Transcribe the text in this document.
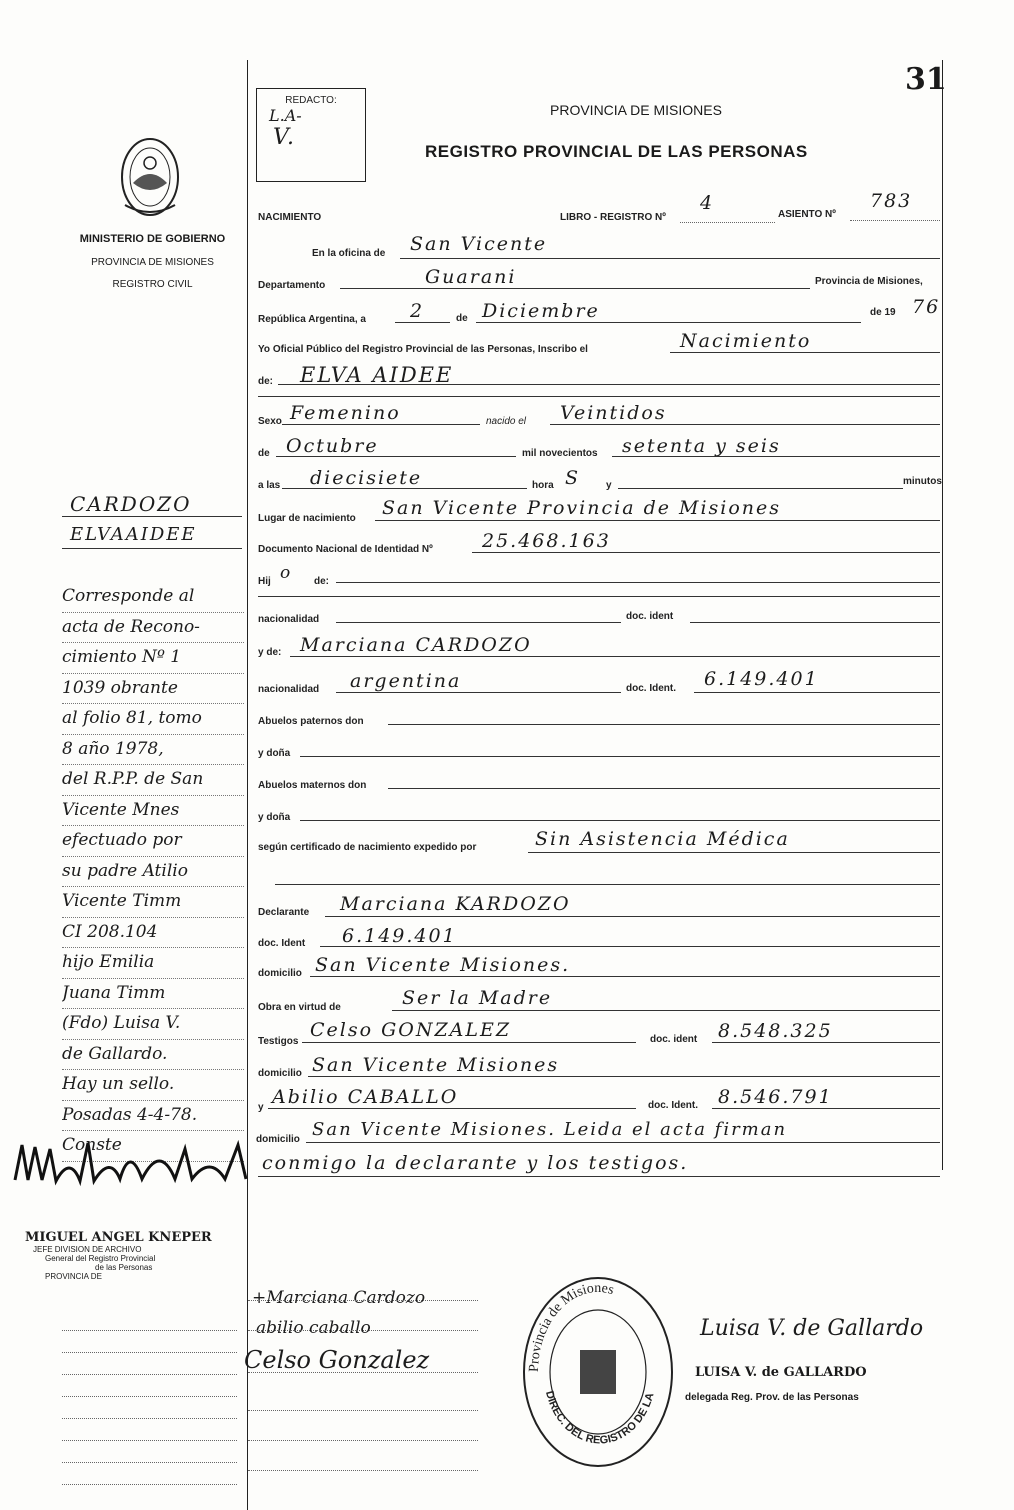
31
REDACTO:
L.A-
V.
PROVINCIA DE MISIONES
REGISTRO PROVINCIAL DE LAS PERSONAS
MINISTERIO DE GOBIERNO
PROVINCIA DE MISIONES
REGISTRO CIVIL
CARDOZO
ELVAAIDEE
Corresponde al
acta de Recono-
cimiento Nº 1
1039 obrante
al folio 81, tomo
8 año 1978,
del R.P.P. de San
Vicente Mnes
efectuado por
su padre Atilio
Vicente Timm
CI 208.104
hijo Emilia
Juana Timm
(Fdo) Luisa V.
de Gallardo.
Hay un sello.
Posadas 4-4-78.
Conste
MIGUEL ANGEL KNEPER
JEFE DIVISION DE ARCHIVO
General del Registro Provincial
de las Personas
PROVINCIA DE
NACIMIENTO	LIBRO - REGISTRO Nº
4
ASIENTO Nº
783
En la oficina de San Vicente
Departamento	Guarani	Provincia de Misiones,
República Argentina, a 2	de Diciembre	de 19 76
Yo Oficial Público del Registro Provincial de las Personas, Inscribo el	Nacimiento
de: ELVA AIDEE
Sexo Femenino	nacido el Veintidos
de Octubre	mil novecientos setenta y seis
a las diecisiete	hora S	y	minutos
Lugar de nacimiento San Vicente Provincia de Misiones
Documento Nacional de Identidad Nº	25.468.163
Hij o de:
nacionalidad	doc. ident
y de: Marciana CARDOZO
nacionalidad argentina	doc. Ident. 6.149.401
Abuelos paternos don
y doña
Abuelos maternos don
y doña
según certificado de nacimiento expedido por	Sin Asistencia Médica
Declarante Marciana KARDOZO
doc. Ident 6.149.401
domicilio San Vicente Misiones.
Obra en virtud de	Ser la Madre
Testigos
Celso GONZALEZ	doc. ident 8.548.325
domicilio San Vicente Misiones
y Abilio CABALLO	doc. Ident. 8.546.791
domicilio San Vicente Misiones. Leida el acta firman
conmigo la declarante y los testigos.
+Marciana Cardozo
abilio caballo
Celso Gonzalez	Provincia de Misiones
DIREC. DEL REGISTRO DE LA
Luisa V. de Gallardo
LUISA V. de GALLARDO
delegada Reg. Prov. de las Personas
